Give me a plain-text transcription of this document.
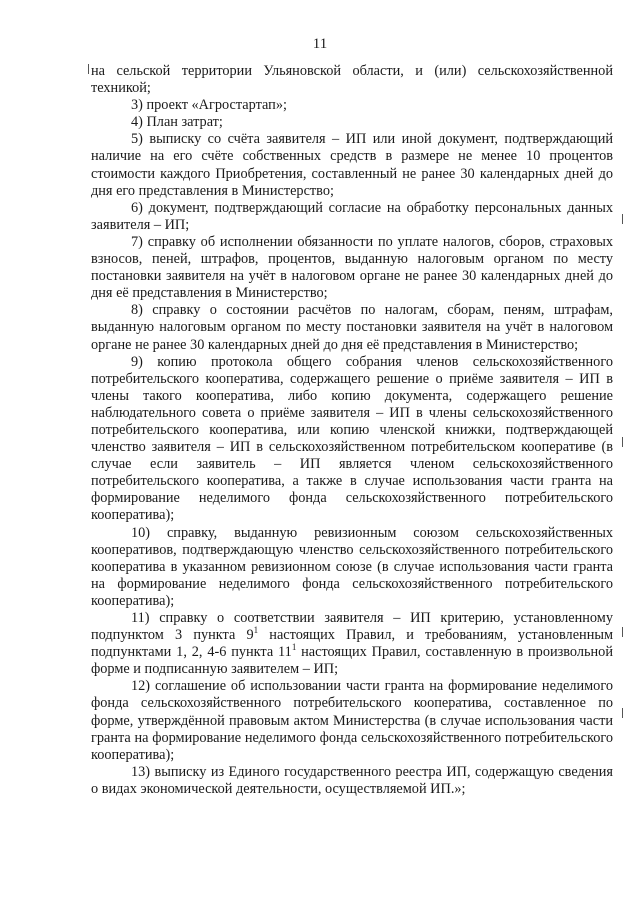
11

на сельской территории Ульяновской области, и (или) сельскохозяйственной техникой;

3) проект «Агростартап»;

4) План затрат;

5) выписку со счёта заявителя – ИП или иной документ, подтверждающий наличие на его счёте собственных средств в размере не менее 10 процентов стоимости каждого Приобретения, составленный не ранее 30 календарных дней до дня его представления в Министерство;

6) документ, подтверждающий согласие на обработку персональных данных заявителя – ИП;

7) справку об исполнении обязанности по уплате налогов, сборов, страховых взносов, пеней, штрафов, процентов, выданную налоговым органом по месту постановки заявителя на учёт в налоговом органе не ранее 30 календарных дней до дня её представления в Министерство;

8) справку о состоянии расчётов по налогам, сборам, пеням, штрафам, выданную налоговым органом по месту постановки заявителя на учёт в налоговом органе не ранее 30 календарных дней до дня её представления в Министерство;

9) копию протокола общего собрания членов сельскохозяйственного потребительского кооператива, содержащего решение о приёме заявителя – ИП в члены такого кооператива, либо копию документа, содержащего решение наблюдательного совета о приёме заявителя – ИП в члены сельскохозяйственного потребительского кооператива, или копию членской книжки, подтверждающей членство заявителя – ИП в сельскохозяйственном потребительском кооперативе (в случае если заявитель – ИП является членом сельскохозяйственного потребительского кооператива, а также в случае использования части гранта на формирование неделимого фонда сельскохозяйственного потребительского кооператива);

10) справку, выданную ревизионным союзом сельскохозяйственных кооперативов, подтверждающую членство сельскохозяйственного потребительского кооператива в указанном ревизионном союзе (в случае использования части гранта на формирование неделимого фонда сельскохозяйственного потребительского кооператива);

11) справку о соответствии заявителя – ИП критерию, установленному подпунктом 3 пункта $9^1$ настоящих Правил, и требованиям, установленным подпунктами 1, 2, 4-6 пункта $11^1$ настоящих Правил, составленную в произвольной форме и подписанную заявителем – ИП;

12) соглашение об использовании части гранта на формирование неделимого фонда сельскохозяйственного потребительского кооператива, составленное по форме, утверждённой правовым актом Министерства (в случае использования части гранта на формирование неделимого фонда сельскохозяйственного потребительского кооператива);

13) выписку из Единого государственного реестра ИП, содержащую сведения о видах экономической деятельности, осуществляемой ИП.»;
